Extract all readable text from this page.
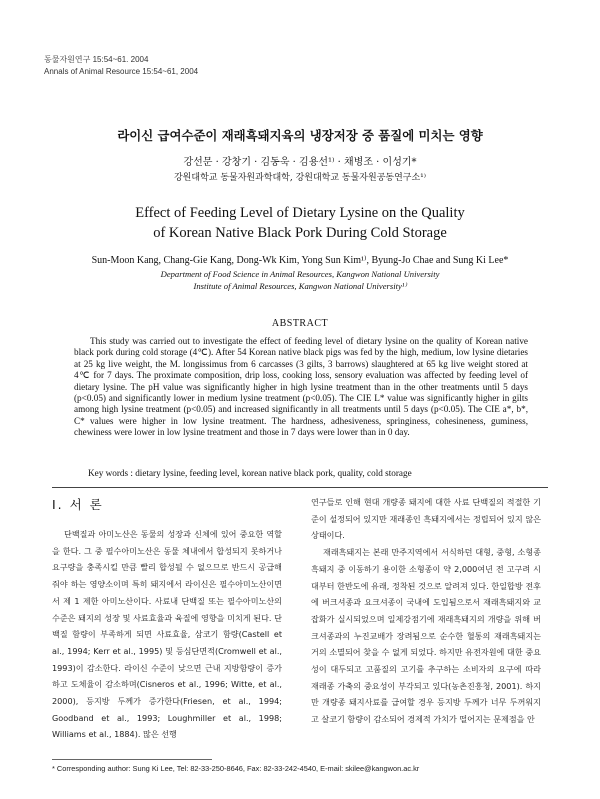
동물자원연구 15:54~61. 2004
Annals of Animal Resource 15:54~61, 2004
라이신 급여수준이 재래흑돼지육의 냉장저장 중 품질에 미치는 영향
강선문 · 강창기 · 김동욱 · 김용선¹⁾ · 채병조 · 이성기*
강원대학교 동물자원과학대학, 강원대학교 동물자원공동연구소¹⁾
Effect of Feeding Level of Dietary Lysine on the Quality
of Korean Native Black Pork During Cold Storage
Sun-Moon Kang, Chang-Gie Kang, Dong-Wk Kim, Yong Sun Kim¹⁾, Byung-Jo Chae and Sung Ki Lee*
Department of Food Science in Animal Resources, Kangwon National University
Institute of Animal Resources, Kangwon National University¹⁾
ABSTRACT

This study was carried out to investigate the effect of feeding level of dietary lysine on the quality of Korean native black pork during cold storage (4℃). After 54 Korean native black pigs was fed by the high, medium, low lysine dietaries at 25 kg live weight, the M. longissimus from 6 carcasses (3 gilts, 3 barrows) slaughtered at 65 kg live weight stored at 4℃ for 7 days. The proximate composition, drip loss, cooking loss, sensory evaluation was affected by feeding level of dietary lysine. The pH value was significantly higher in high lysine treatment than in the other treatments until 5 days (p<0.05) and significantly lower in medium lysine treatment (p<0.05). The CIE L* value was significantly higher in gilts among high lysine treatment (p<0.05) and increased significantly in all treatments until 5 days (p<0.05). The CIE a*, b*, C* values were higher in low lysine treatment. The hardness, adhesiveness, springiness, cohesineness, guminess, chewiness were lower in low lysine treatment and those in 7 days were lower than in 0 day.

Key words : dietary lysine, feeding level, korean native black pork, quality, cold storage

Ⅰ. 서 론

단백질과 아미노산은 동물의 성장과 신체에 있어 중요한 역할을 한다. 그 중 필수아미노산은 동물 체내에서 합성되지 못하거나 요구량을 충족시킬 만큼 빨리 합성될 수 없으므로 반드시 공급해줘야 하는 영양소이며 특히 돼지에서 라이신은 필수아미노산이면서 제 1 제한 아미노산이다. 사료내 단백질 또는 필수아미노산의 수준은 돼지의 성장 및 사료효율과 육질에 영향을 미치게 된다. 단백질 함량이 부족하게 되면 사료효율, 삼코기 함량(Castell et al., 1994; Kerr et al., 1995) 및 등심단면적(Cromwell et al., 1993)이 감소한다. 라이신 수준이 낮으면 근내 지방함량이 증가하고 도체율이 감소하며(Cisneros et al., 1996; Witte, et al., 2000), 등지방 두께가 증가한다(Friesen, et al., 1994; Goodband et al., 1993; Loughmiller et al., 1998; Williams et al., 1884). 많은 선행

연구들로 인해 현대 개량종 돼지에 대한 사료 단백질의 적절한 기준이 설정되어 있지만 재래종인 흑돼지에서는 정립되어 있지 않은 상태이다.

재래흑돼지는 본래 만주지역에서 서식하던 대형, 중형, 소형종 흑돼지 중 이동하기 용이한 소형종이 약 2,000여년 전 고구려 시대부터 한반도에 유래, 정착된 것으로 알려져 있다. 한일합방 전후에 버크셔종과 요크셔종이 국내에 도입됨으로서 재래흑돼지와 교잡화가 실시되었으며 일제강점기에 재래흑돼지의 개량을 위해 버크셔종과의 누진교배가 장려됨으로 순수한 혈통의 재래흑돼지는 거의 소멸되어 찾을 수 없게 되었다. 하지만 유전자원에 대한 중요성이 대두되고 고품질의 고기를 추구하는 소비자의 요구에 따라 재래종 가축의 중요성이 부각되고 있다(농촌진흥청, 2001). 하지만 개량종 돼지사료를 급여할 경우 등지방 두께가 너무 두꺼워지고 살코기 함량이 감소되어 경제적 가치가 떨어지는 문제점을 안

* Corresponding author: Sung Ki Lee, Tel: 82-33-250-8646, Fax: 82-33-242-4540, E-mail: skilee@kangwon.ac.kr
